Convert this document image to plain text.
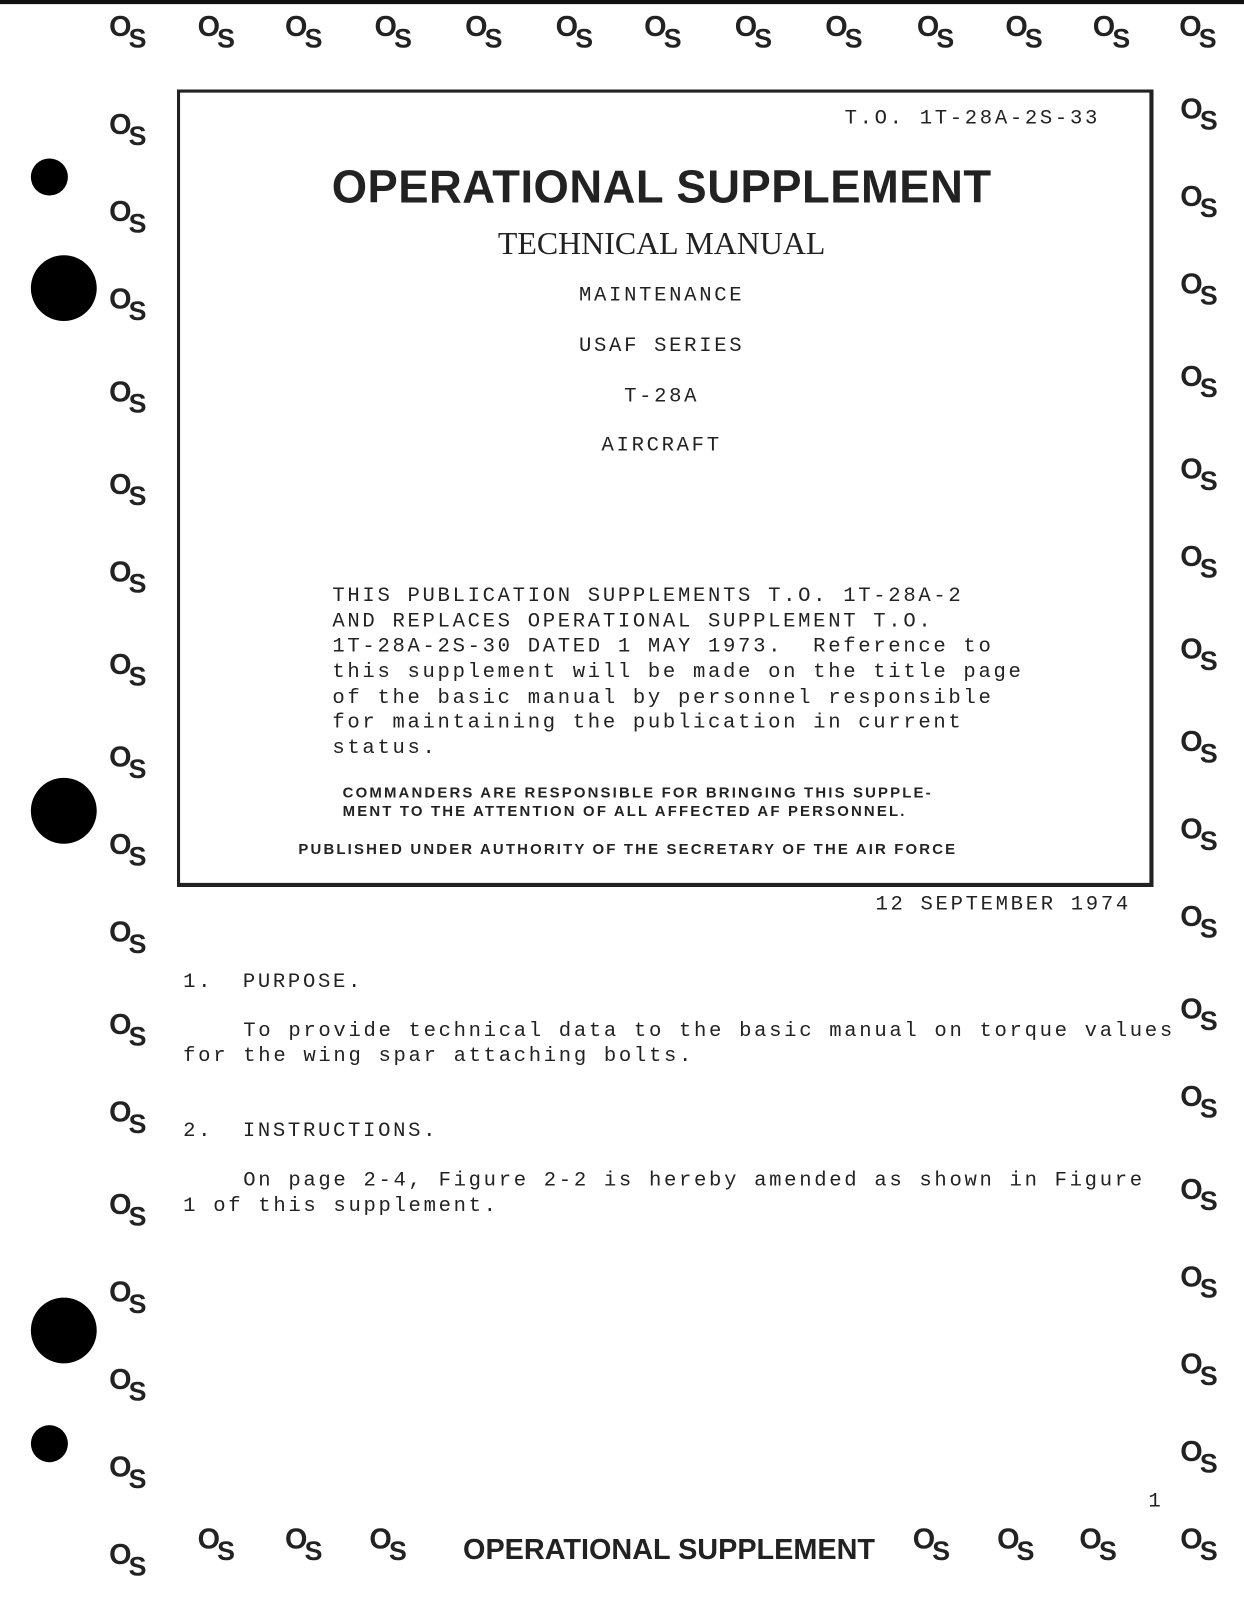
O
S O
S O
S O
S O
S O
S O
S O
S O
S O
S O
S O
S O
S
O
S
O
S
O
S
O
S
O
S
O
S
O
S
O
S
O
S
O
S
O
S
O
S
O
S
O
S
O
S
O
S
O
S
O
S
O
S
O
S
O
S
O
S
O
S
O
S
O
S
O
S
O
S
O
S
O
S
O
S
O
S
O
S
O
S
O
S
O
S O
S O
S	O
S O
S O
S
T.O. 1T-28A-2S-33
OPERATIONAL SUPPLEMENT
TECHNICAL MANUAL
MAINTENANCE
USAF SERIES
T-28A
AIRCRAFT
THIS PUBLICATION SUPPLEMENTS T.O. 1T-28A-2
AND REPLACES OPERATIONAL SUPPLEMENT T.O.
1T-28A-2S-30 DATED 1 MAY 1973.  Reference to
this supplement will be made on the title page
of the basic manual by personnel responsible
for maintaining the publication in current
status.
COMMANDERS ARE RESPONSIBLE FOR BRINGING THIS SUPPLE-
MENT TO THE ATTENTION OF ALL AFFECTED AF PERSONNEL.
PUBLISHED UNDER AUTHORITY OF THE SECRETARY OF THE AIR FORCE
12 SEPTEMBER 1974
1. PURPOSE.
To provide technical data to the basic manual on torque values
for the wing spar attaching bolts.
2. INSTRUCTIONS.
On page 2-4, Figure 2-2 is hereby amended as shown in Figure
1 of this supplement.
1
OPERATIONAL SUPPLEMENT
